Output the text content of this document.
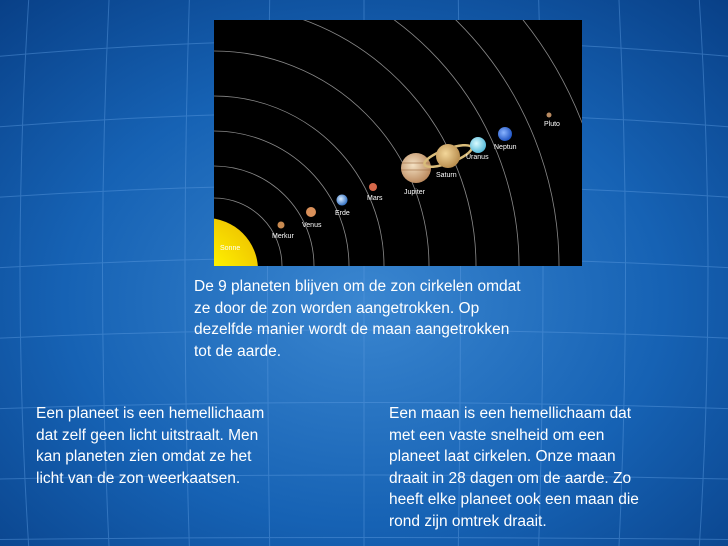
Sonne
Merkur
Venus
Erde
Mars
Jupiter
Saturn
Uranus
Neptun
Pluto

De 9 planeten blijven om de zon cirkelen omdat
ze door de zon worden aangetrokken. Op
dezelfde manier wordt de maan aangetrokken
tot de aarde.

Een planeet is een hemellichaam
dat zelf geen licht uitstraalt. Men
kan planeten zien omdat ze het
licht van de zon weerkaatsen.

Een maan is een hemellichaam dat
met een vaste snelheid om een
planeet laat cirkelen. Onze maan
draait in 28 dagen om de aarde. Zo
heeft elke planeet ook een maan die
rond zijn omtrek draait.
